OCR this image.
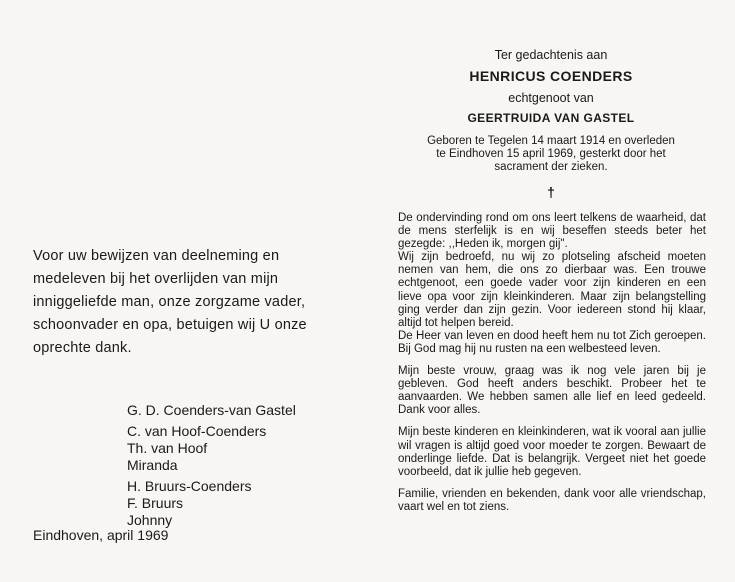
Voor uw bewijzen van deelneming en medeleven bij het overlijden van mijn inniggeliefde man, onze zorgzame vader, schoonvader en opa, betuigen wij U onze oprechte dank.

G. D. Coenders-van Gastel
C. van Hoof-Coenders
Th. van Hoof
Miranda
H. Bruurs-Coenders
F. Bruurs
Johnny
Eindhoven, april 1969

Ter gedachtenis aan

HENRICUS COENDERS

echtgenoot van

GEERTRUIDA VAN GASTEL

Geboren te Tegelen 14 maart 1914 en overleden
te Eindhoven 15 april 1969, gesterkt door het
sacrament der zieken.

†

De ondervinding rond om ons leert telkens de waarheid, dat de mens sterfelijk is en wij beseffen steeds beter het gezegde: ,,Heden ik, morgen gij".

Wij zijn bedroefd, nu wij zo plotseling afscheid moeten nemen van hem, die ons zo dierbaar was. Een trouwe echtgenoot, een goede vader voor zijn kinderen en een lieve opa voor zijn kleinkinderen. Maar zijn belangstelling ging verder dan zijn gezin. Voor iedereen stond hij klaar, altijd tot helpen bereid.

De Heer van leven en dood heeft hem nu tot Zich geroepen. Bij God mag hij nu rusten na een welbesteed leven.

Mijn beste vrouw, graag was ik nog vele jaren bij je gebleven. God heeft anders beschikt. Probeer het te aanvaarden. We hebben samen alle lief en leed gedeeld. Dank voor alles.

Mijn beste kinderen en kleinkinderen, wat ik vooral aan jullie wil vragen is altijd goed voor moeder te zorgen. Bewaart de onderlinge liefde. Dat is belangrijk. Vergeet niet het goede voorbeeld, dat ik jullie heb gegeven.

Familie, vrienden en bekenden, dank voor alle vriendschap, vaart wel en tot ziens.
